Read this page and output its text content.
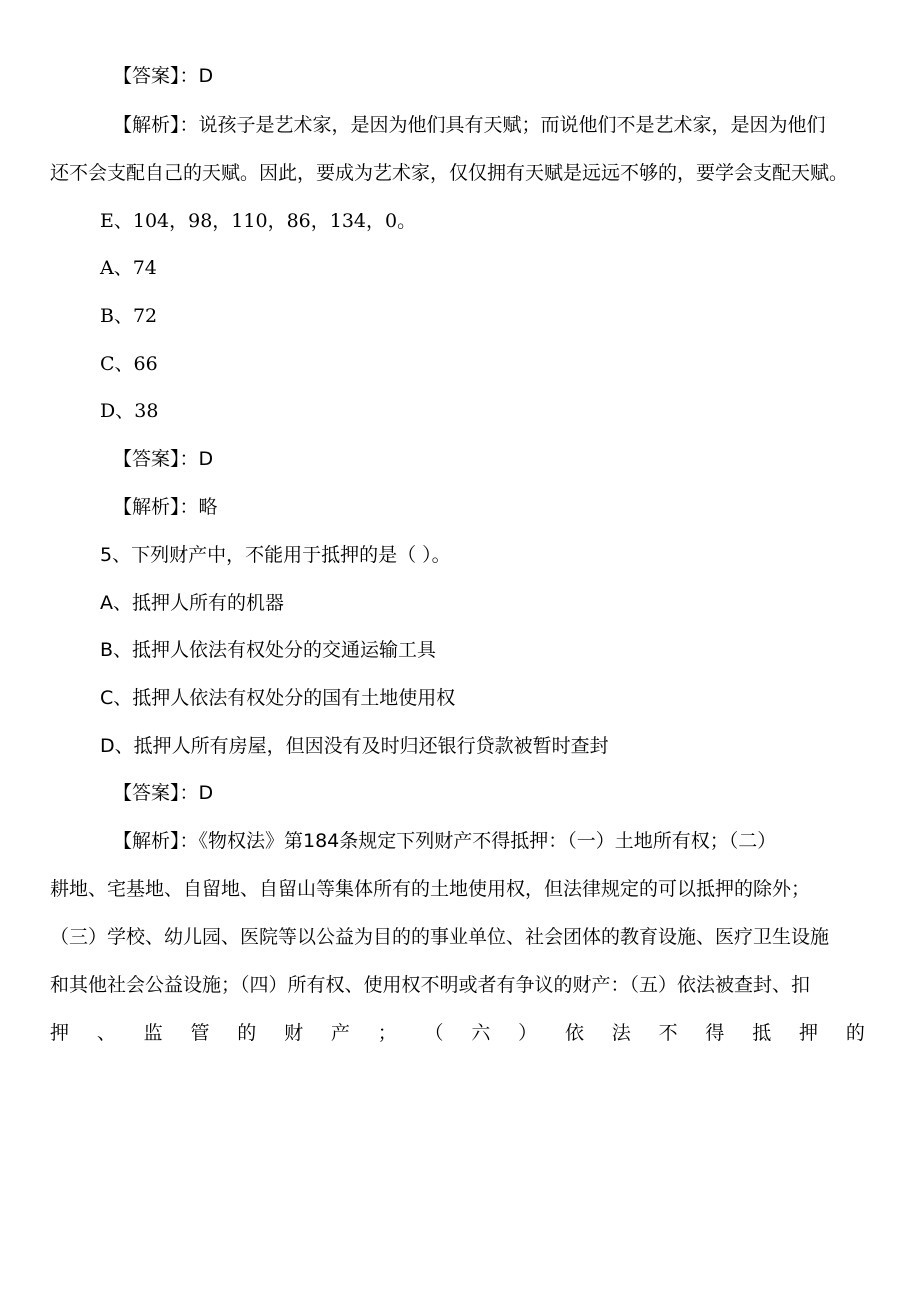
【答案】：D
【解析】：说孩子是艺术家，是因为他们具有天赋；而说他们不是艺术家，是因为他们
还不会支配自己的天赋。因此，要成为艺术家，仅仅拥有天赋是远远不够的，要学会支配天赋。
E、104，98，110，86，134，0。
A、74
B、72
C、66
D、38
【答案】：D
【解析】：略
5、下列财产中，不能用于抵押的是（ ）。
A、抵押人所有的机器
B、抵押人依法有权处分的交通运输工具
C、抵押人依法有权处分的国有土地使用权
D、抵押人所有房屋，但因没有及时归还银行贷款被暂时查封
【答案】：D
【解析】：《物权法》第184条规定下列财产不得抵押：（一）土地所有权；（二）
耕地、宅基地、自留地、自留山等集体所有的土地使用权，但法律规定的可以抵押的除外；
（三）学校、幼儿园、医院等以公益为目的的事业单位、社会团体的教育设施、医疗卫生设施
和其他社会公益设施；（四）所有权、使用权不明或者有争议的财产：（五）依法被查封、扣
押 、 监 管 的 财 产 ； （ 六 ） 依 法 不 得 抵 押 的
